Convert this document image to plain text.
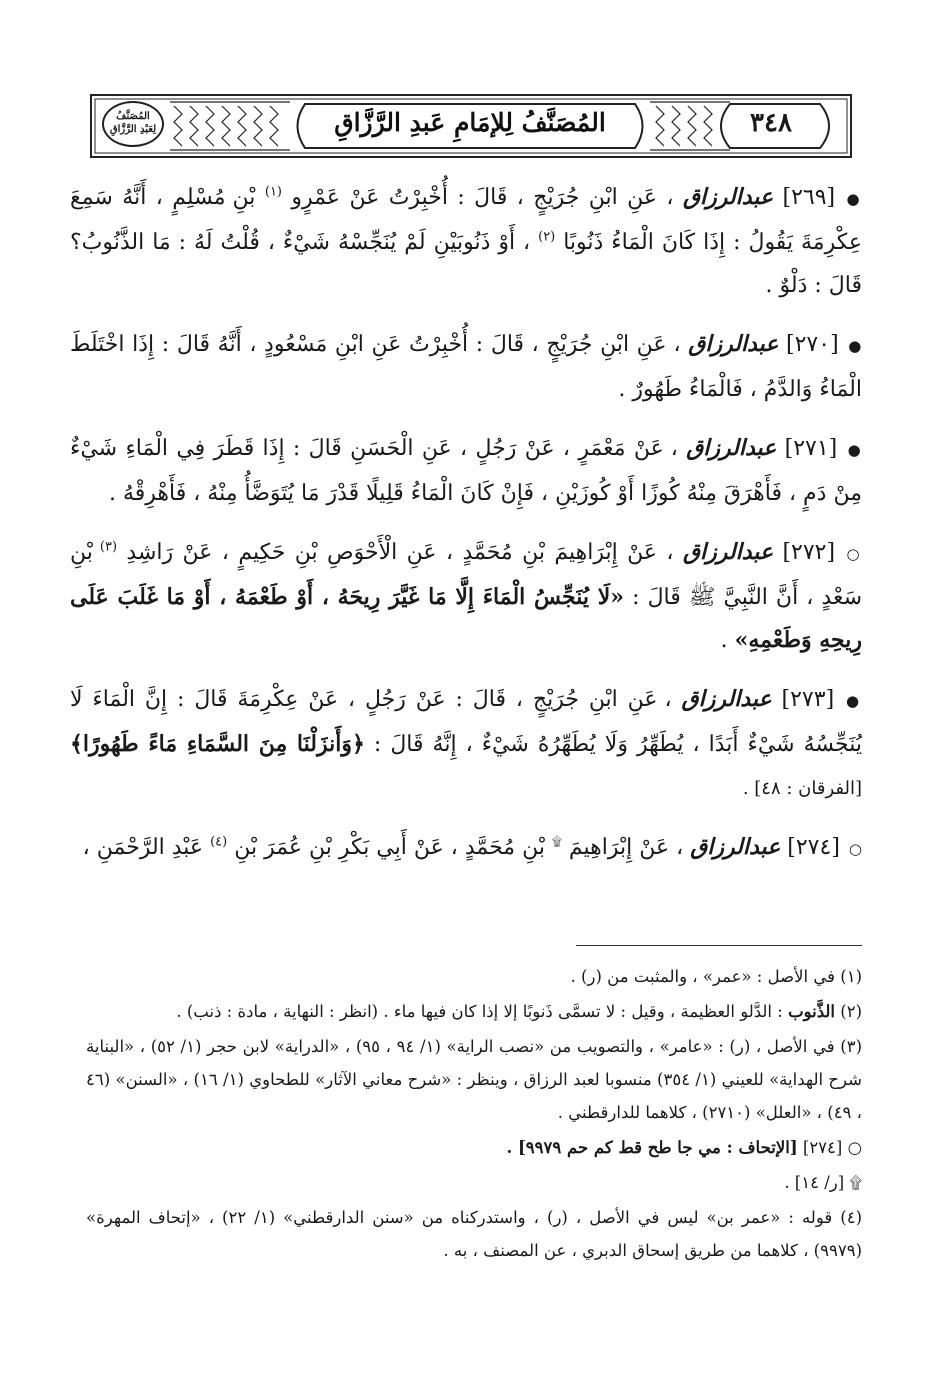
المُصَنَّفُ لِلإمَامِ عَبدِ الرَّزَّاقِ	٣٤٨
المُصَنَّفُ
لِعَبْدِ الرَّزَّاقِ

● [٢٦٩] عبدالرزاق ، عَنِ ابْنِ جُرَيْجٍ ، قَالَ : أُخْبِرْتُ عَنْ عَمْرٍو $^{(١)}$ بْنِ مُسْلِمٍ ، أَنَّهُ سَمِعَ عِكْرِمَةَ يَقُولُ : إِذَا كَانَ الْمَاءُ ذَنُوبًا $^{(٢)}$ ، أَوْ ذَنُوبَيْنِ لَمْ يُنَجِّسْهُ شَيْءٌ ، قُلْتُ لَهُ : مَا الذَّنُوبُ؟ قَالَ : دَلْوٌ .

● [٢٧٠] عبدالرزاق ، عَنِ ابْنِ جُرَيْجٍ ، قَالَ : أُخْبِرْتُ عَنِ ابْنِ مَسْعُودٍ ، أَنَّهُ قَالَ : إِذَا اخْتَلَطَ الْمَاءُ وَالدَّمُ ، فَالْمَاءُ طَهُورٌ .

● [٢٧١] عبدالرزاق ، عَنْ مَعْمَرٍ ، عَنْ رَجُلٍ ، عَنِ الْحَسَنِ قَالَ : إِذَا قَطَرَ فِي الْمَاءِ شَيْءٌ مِنْ دَمٍ ، فَأَهْرَقَ مِنْهُ كُوزًا أَوْ كُوزَيْنِ ، فَإِنْ كَانَ الْمَاءُ قَلِيلًا قَدْرَ مَا يُتَوَضَّأُ مِنْهُ ، فَأَهْرِقْهُ .

○ [٢٧٢] عبدالرزاق ، عَنْ إِبْرَاهِيمَ بْنِ مُحَمَّدٍ ، عَنِ الْأَحْوَصِ بْنِ حَكِيمٍ ، عَنْ رَاشِدِ $^{(٣)}$ بْنِ سَعْدٍ ، أَنَّ النَّبِيَّ ﷺ قَالَ : «لَا يُنَجِّسُ الْمَاءَ إِلَّا مَا غَيَّرَ رِيحَهُ ، أَوْ طَعْمَهُ ، أَوْ مَا غَلَبَ عَلَى رِيحِهِ وَطَعْمِهِ» .

● [٢٧٣] عبدالرزاق ، عَنِ ابْنِ جُرَيْجٍ ، قَالَ : عَنْ رَجُلٍ ، عَنْ عِكْرِمَةَ قَالَ : إِنَّ الْمَاءَ لَا يُنَجِّسُهُ شَيْءٌ أَبَدًا ، يُطَهِّرُ وَلَا يُطَهِّرُهُ شَيْءٌ ، إِنَّهُ قَالَ : ﴿وَأَنزَلْنَا مِنَ السَّمَاءِ مَاءً طَهُورًا﴾ [الفرقان : ٤٨] .

○ [٢٧٤] عبدالرزاق ، عَنْ إِبْرَاهِيمَ ۩ بْنِ مُحَمَّدٍ ، عَنْ أَبِي بَكْرِ بْنِ عُمَرَ بْنِ $^{(٤)}$ عَبْدِ الرَّحْمَنِ ،

(١) في الأصل : «عمر» ، والمثبت من (ر) .

(٢) الذَّنوب : الدَّلو العظيمة ، وقيل : لا تسمَّى ذَنوبًا إلا إذا كان فيها ماء . (انظر : النهاية ، مادة : ذنب) .

(٣) في الأصل ، (ر) : «عامر» ، والتصويب من «نصب الراية» (١/ ٩٤ ، ٩٥) ، «الدراية» لابن حجر (١/ ٥٢) ، «البناية شرح الهداية» للعيني (١/ ٣٥٤) منسوبا لعبد الرزاق ، وينظر : «شرح معاني الآثار» للطحاوي (١/ ١٦) ، «السنن» (٤٦ ، ٤٩) ، «العلل» (٢٧١٠) ، كلاهما للدارقطني .

○ [٢٧٤] [الإتحاف : مي جا طح قط كم حم ٩٩٧٩] .

۩ [ر/ ١٤] .

(٤) قوله : «عمر بن» ليس في الأصل ، (ر) ، واستدركناه من «سنن الدارقطني» (١/ ٢٢) ، «إتحاف المهرة» (٩٩٧٩) ، كلاهما من طريق إسحاق الدبري ، عن المصنف ، به .
